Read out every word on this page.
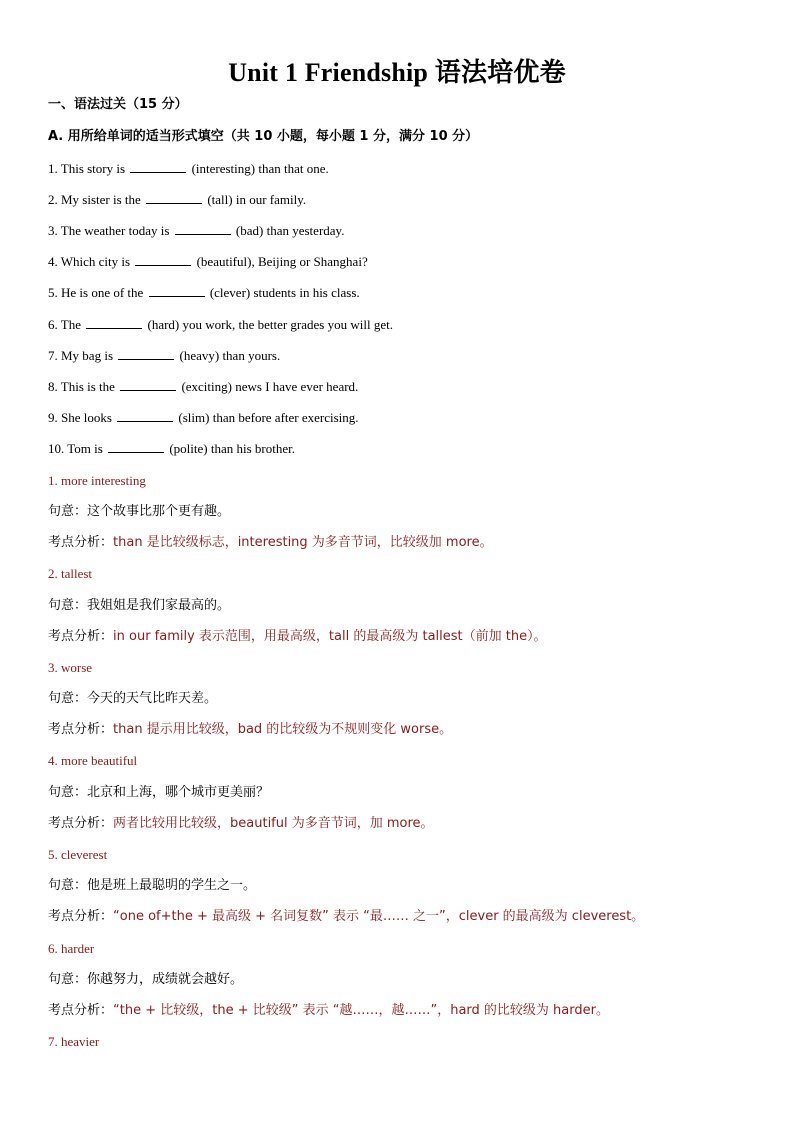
Unit 1 Friendship 语法培优卷
一、语法过关（15 分）
A. 用所给单词的适当形式填空（共 10 小题，每小题 1 分，满分 10 分）
1. This story is	(interesting) than that one.
2. My sister is the	(tall) in our family.
3. The weather today is	(bad) than yesterday.
4. Which city is	(beautiful), Beijing or Shanghai?
5. He is one of the	(clever) students in his class.
6. The	(hard) you work, the better grades you will get.
7. My bag is	(heavy) than yours.
8. This is the	(exciting) news I have ever heard.
9. She looks	(slim) than before after exercising.
10. Tom is	(polite) than his brother.
1. more interesting
句意：这个故事比那个更有趣。
考点分析：than 是比较级标志，interesting 为多音节词，比较级加 more。
2. tallest
句意：我姐姐是我们家最高的。
考点分析：in our family 表示范围，用最高级，tall 的最高级为 tallest（前加 the）。
3. worse
句意：今天的天气比昨天差。
考点分析：than 提示用比较级，bad 的比较级为不规则变化 worse。
4. more beautiful
句意：北京和上海，哪个城市更美丽？
考点分析：两者比较用比较级，beautiful 为多音节词，加 more。
5. cleverest
句意：他是班上最聪明的学生之一。
考点分析：“one of+the + 最高级 + 名词复数” 表示 “最…… 之一”，clever 的最高级为 cleverest。
6. harder
句意：你越努力，成绩就会越好。
考点分析：“the + 比较级，the + 比较级” 表示 “越……，越……”，hard 的比较级为 harder。
7. heavier
